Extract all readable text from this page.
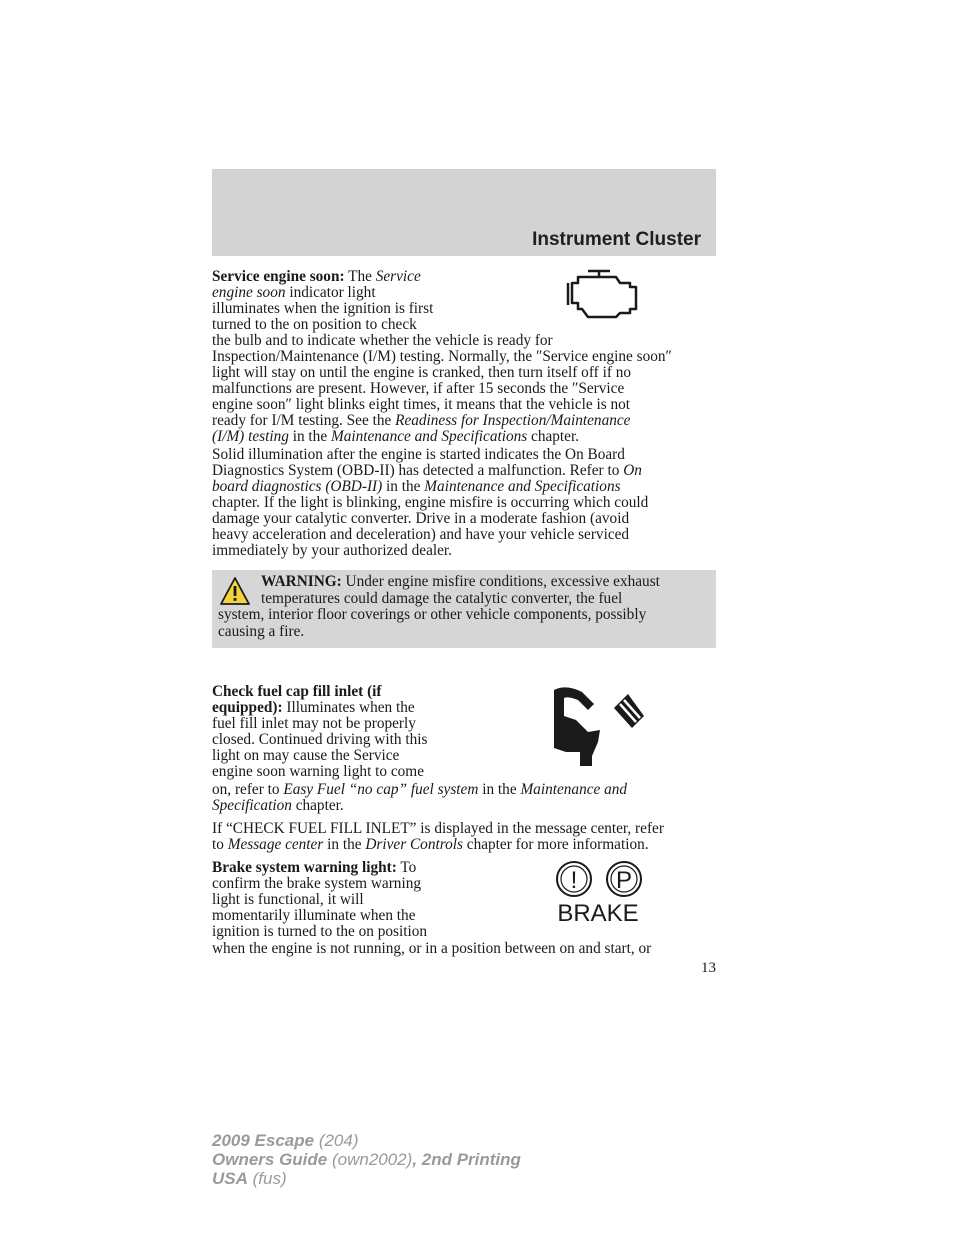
Instrument Cluster
Service engine soon: The Service
engine soon indicator light
illuminates when the ignition is first
turned to the on position to check
the bulb and to indicate whether the vehicle is ready for
Inspection/Maintenance (I/M) testing. Normally, the ″Service engine soon″
light will stay on until the engine is cranked, then turn itself off if no
malfunctions are present. However, if after 15 seconds the ″Service
engine soon″ light blinks eight times, it means that the vehicle is not
ready for I/M testing. See the Readiness for Inspection/Maintenance
(I/M) testing in the Maintenance and Specifications chapter.
Solid illumination after the engine is started indicates the On Board
Diagnostics System (OBD-II) has detected a malfunction. Refer to On
board diagnostics (OBD-II) in the Maintenance and Specifications
chapter. If the light is blinking, engine misfire is occurring which could
damage your catalytic converter. Drive in a moderate fashion (avoid
heavy acceleration and deceleration) and have your vehicle serviced
immediately by your authorized dealer.
WARNING: Under engine misfire conditions, excessive exhaust
temperatures could damage the catalytic converter, the fuel
system, interior floor coverings or other vehicle components, possibly
causing a fire.
Check fuel cap fill inlet (if
equipped): Illuminates when the
fuel fill inlet may not be properly
closed. Continued driving with this
light on may cause the Service
engine soon warning light to come
on, refer to Easy Fuel “no cap” fuel system in the Maintenance and
Specification chapter.
If “CHECK FUEL FILL INLET” is displayed in the message center, refer
to Message center in the Driver Controls chapter for more information.
Brake system warning light: To
confirm the brake system warning
light is functional, it will
momentarily illuminate when the
ignition is turned to the on position
when the engine is not running, or in a position between on and start, or
! P
BRAKE
13
2009 Escape (204)
Owners Guide (own2002), 2nd Printing
USA (fus)
